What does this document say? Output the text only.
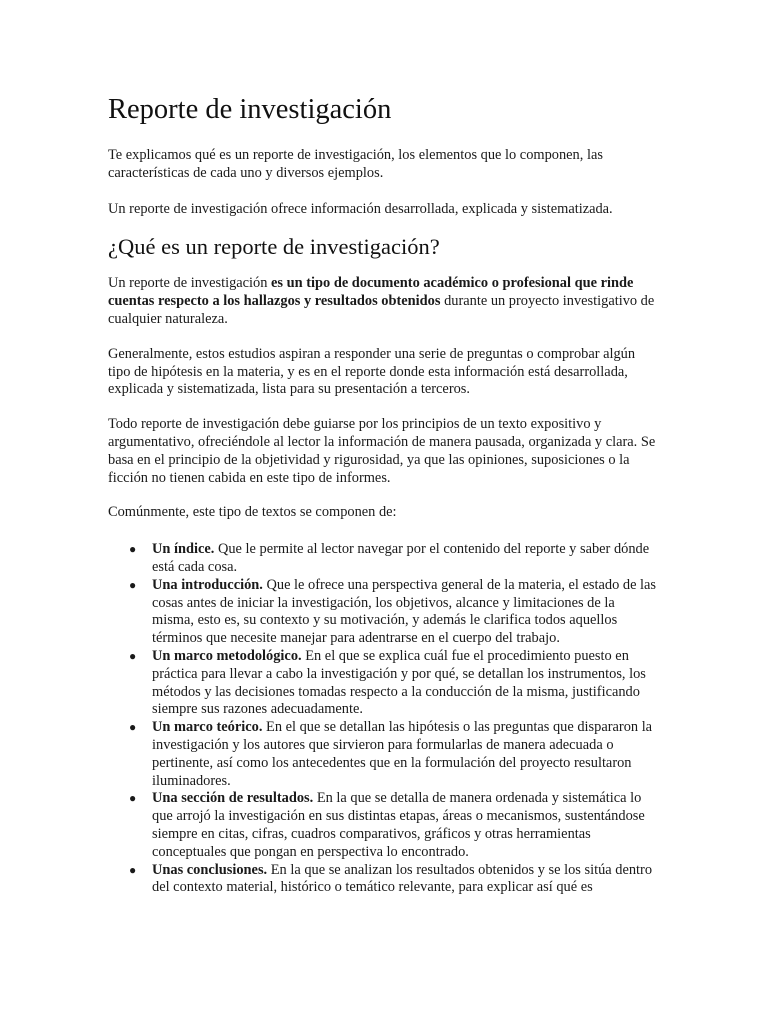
Reporte de investigación

Te explicamos qué es un reporte de investigación, los elementos que lo componen, las características de cada uno y diversos ejemplos.

Un reporte de investigación ofrece información desarrollada, explicada y sistematizada.

¿Qué es un reporte de investigación?

Un reporte de investigación es un tipo de documento académico o profesional que rinde cuentas respecto a los hallazgos y resultados obtenidos durante un proyecto investigativo de cualquier naturaleza.

Generalmente, estos estudios aspiran a responder una serie de preguntas o comprobar algún tipo de hipótesis en la materia, y es en el reporte donde esta información está desarrollada, explicada y sistematizada, lista para su presentación a terceros.

Todo reporte de investigación debe guiarse por los principios de un texto expositivo y argumentativo, ofreciéndole al lector la información de manera pausada, organizada y clara. Se basa en el principio de la objetividad y rigurosidad, ya que las opiniones, suposiciones o la ficción no tienen cabida en este tipo de informes.

Comúnmente, este tipo de textos se componen de:

● Un índice. Que le permite al lector navegar por el contenido del reporte y saber dónde está cada cosa.
● Una introducción. Que le ofrece una perspectiva general de la materia, el estado de las cosas antes de iniciar la investigación, los objetivos, alcance y limitaciones de la misma, esto es, su contexto y su motivación, y además le clarifica todos aquellos términos que necesite manejar para adentrarse en el cuerpo del trabajo.
● Un marco metodológico. En el que se explica cuál fue el procedimiento puesto en práctica para llevar a cabo la investigación y por qué, se detallan los instrumentos, los métodos y las decisiones tomadas respecto a la conducción de la misma, justificando siempre sus razones adecuadamente.
● Un marco teórico. En el que se detallan las hipótesis o las preguntas que dispararon la investigación y los autores que sirvieron para formularlas de manera adecuada o pertinente, así como los antecedentes que en la formulación del proyecto resultaron iluminadores.
● Una sección de resultados. En la que se detalla de manera ordenada y sistemática lo que arrojó la investigación en sus distintas etapas, áreas o mecanismos, sustentándose siempre en citas, cifras, cuadros comparativos, gráficos y otras herramientas conceptuales que pongan en perspectiva lo encontrado.
● Unas conclusiones. En la que se analizan los resultados obtenidos y se los sitúa dentro del contexto material, histórico o temático relevante, para explicar así qué es
